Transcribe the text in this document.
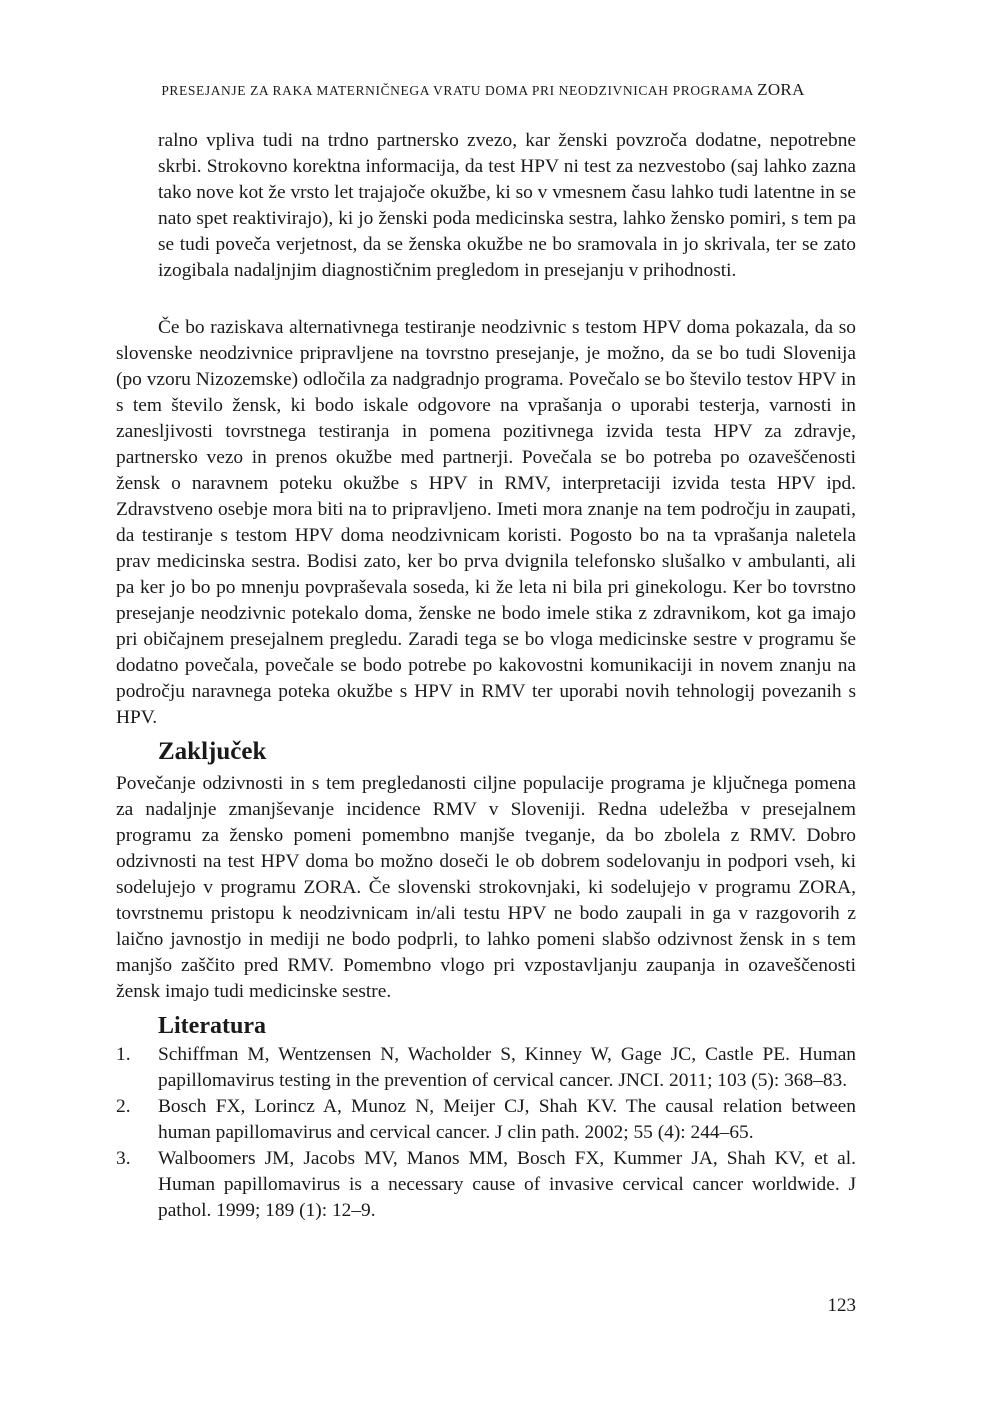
PRESEJANJE ZA RAKA MATERNIČNEGA VRATU DOMA PRI NEODZIVNICAH PROGRAMA ZORA
ralno vpliva tudi na trdno partnersko zvezo, kar ženski povzroča dodatne, nepotrebne skrbi. Strokovno korektna informacija, da test HPV ni test za nezvestobo (saj lahko zazna tako nove kot že vrsto let trajajoče okužbe, ki so v vmesnem času lahko tudi latentne in se nato spet reaktivirajo), ki jo ženski poda medicinska sestra, lahko žensko pomiri, s tem pa se tudi poveča verjetnost, da se ženska okužbe ne bo sramovala in jo skrivala, ter se zato izogibala nadaljnjim diagnostičnim pregledom in presejanju v prihodnosti.
Če bo raziskava alternativnega testiranje neodzivnic s testom HPV doma pokazala, da so slovenske neodzivnice pripravljene na tovrstno presejanje, je možno, da se bo tudi Slovenija (po vzoru Nizozemske) odločila za nadgradnjo programa. Povečalo se bo število testov HPV in s tem število žensk, ki bodo iskale odgovore na vprašanja o uporabi testerja, varnosti in zanesljivosti tovrstnega testiranja in pomena pozitivnega izvida testa HPV za zdravje, partnersko vezo in prenos okužbe med partnerji. Povečala se bo potreba po ozaveščenosti žensk o naravnem poteku okužbe s HPV in RMV, interpretaciji izvida testa HPV ipd. Zdravstveno osebje mora biti na to pripravljeno. Imeti mora znanje na tem področju in zaupati, da testiranje s testom HPV doma neodzivnicam koristi. Pogosto bo na ta vprašanja naletela prav medicinska sestra. Bodisi zato, ker bo prva dvignila telefonsko slušalko v ambulanti, ali pa ker jo bo po mnenju povpraševala soseda, ki že leta ni bila pri ginekologu. Ker bo tovrstno presejanje neodzivnic potekalo doma, ženske ne bodo imele stika z zdravnikom, kot ga imajo pri običajnem presejalnem pregledu. Zaradi tega se bo vloga medicinske sestre v programu še dodatno povečala, povečale se bodo potrebe po kakovostni komunikaciji in novem znanju na področju naravnega poteka okužbe s HPV in RMV ter uporabi novih tehnologij povezanih s HPV.
Zaključek
Povečanje odzivnosti in s tem pregledanosti ciljne populacije programa je ključnega pomena za nadaljnje zmanjševanje incidence RMV v Sloveniji. Redna udeležba v presejalnem programu za žensko pomeni pomembno manjše tveganje, da bo zbolela z RMV. Dobro odzivnosti na test HPV doma bo možno doseči le ob dobrem sodelovanju in podpori vseh, ki sodelujejo v programu ZORA. Če slovenski strokovnjaki, ki sodelujejo v programu ZORA, tovrstnemu pristopu k neodzivnicam in/ali testu HPV ne bodo zaupali in ga v razgovorih z laično javnostjo in mediji ne bodo podprli, to lahko pomeni slabšo odzivnost žensk in s tem manjšo zaščito pred RMV. Pomembno vlogo pri vzpostavljanju zaupanja in ozaveščenosti žensk imajo tudi medicinske sestre.
Literatura
1.	Schiffman M, Wentzensen N, Wacholder S, Kinney W, Gage JC, Castle PE. Human papillomavirus testing in the prevention of cervical cancer. JNCI. 2011; 103 (5): 368–83.
2.	Bosch FX, Lorincz A, Munoz N, Meijer CJ, Shah KV. The causal relation between human papillomavirus and cervical cancer. J clin path. 2002; 55 (4): 244–65.
3.	Walboomers JM, Jacobs MV, Manos MM, Bosch FX, Kummer JA, Shah KV, et al. Human papillomavirus is a necessary cause of invasive cervical cancer worldwide. J pathol. 1999; 189 (1): 12–9.
123
